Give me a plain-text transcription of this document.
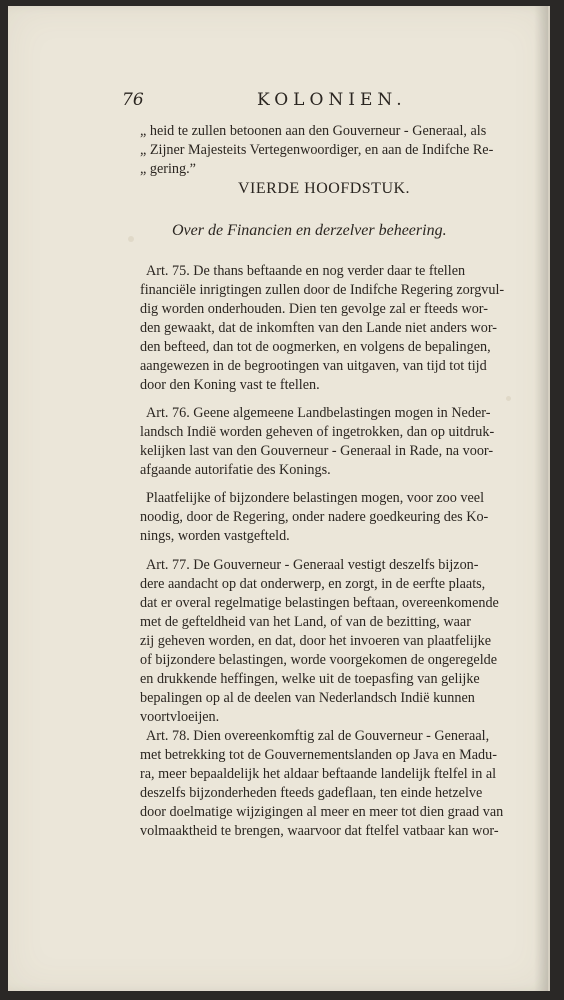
76	KOLONIEN.
„ heid te zullen betoonen aan den Gouverneur - Generaal, als
„ Zijner Majesteits Vertegenwoordiger, en aan de Indifche Re-
„ gering.”
VIERDE HOOFDSTUK.
Over de Financien en derzelver beheering.
Art. 75. De thans beftaande en nog verder daar te ftellen
financiële inrigtingen zullen door de Indifche Regering zorgvul-
dig worden onderhouden. Dien ten gevolge zal er fteeds wor-
den gewaakt, dat de inkomften van den Lande niet anders wor-
den befteed, dan tot de oogmerken, en volgens de bepalingen,
aangewezen in de begrootingen van uitgaven, van tijd tot tijd
door den Koning vast te ftellen.
Art. 76. Geene algemeene Landbelastingen mogen in Neder-
landsch Indië worden geheven of ingetrokken, dan op uitdruk-
kelijken last van den Gouverneur - Generaal in Rade, na voor-
afgaande autorifatie des Konings.
Plaatfelijke of bijzondere belastingen mogen, voor zoo veel
noodig, door de Regering, onder nadere goedkeuring des Ko-
nings, worden vastgefteld.
Art. 77. De Gouverneur - Generaal vestigt deszelfs bijzon-
dere aandacht op dat onderwerp, en zorgt, in de eerfte plaats,
dat er overal regelmatige belastingen beftaan, overeenkomende
met de gefteldheid van het Land, of van de bezitting, waar
zij geheven worden, en dat, door het invoeren van plaatfelijke
of bijzondere belastingen, worde voorgekomen de ongeregelde
en drukkende heffingen, welke uit de toepasfing van gelijke
bepalingen op al de deelen van Nederlandsch Indië kunnen
voortvloeijen.
Art. 78. Dien overeenkomftig zal de Gouverneur - Generaal,
met betrekking tot de Gouvernementslanden op Java en Madu-
ra, meer bepaaldelijk het aldaar beftaande landelijk ftelfel in al
deszelfs bijzonderheden fteeds gadeflaan, ten einde hetzelve
door doelmatige wijzigingen al meer en meer tot dien graad van
volmaaktheid te brengen, waarvoor dat ftelfel vatbaar kan wor-
